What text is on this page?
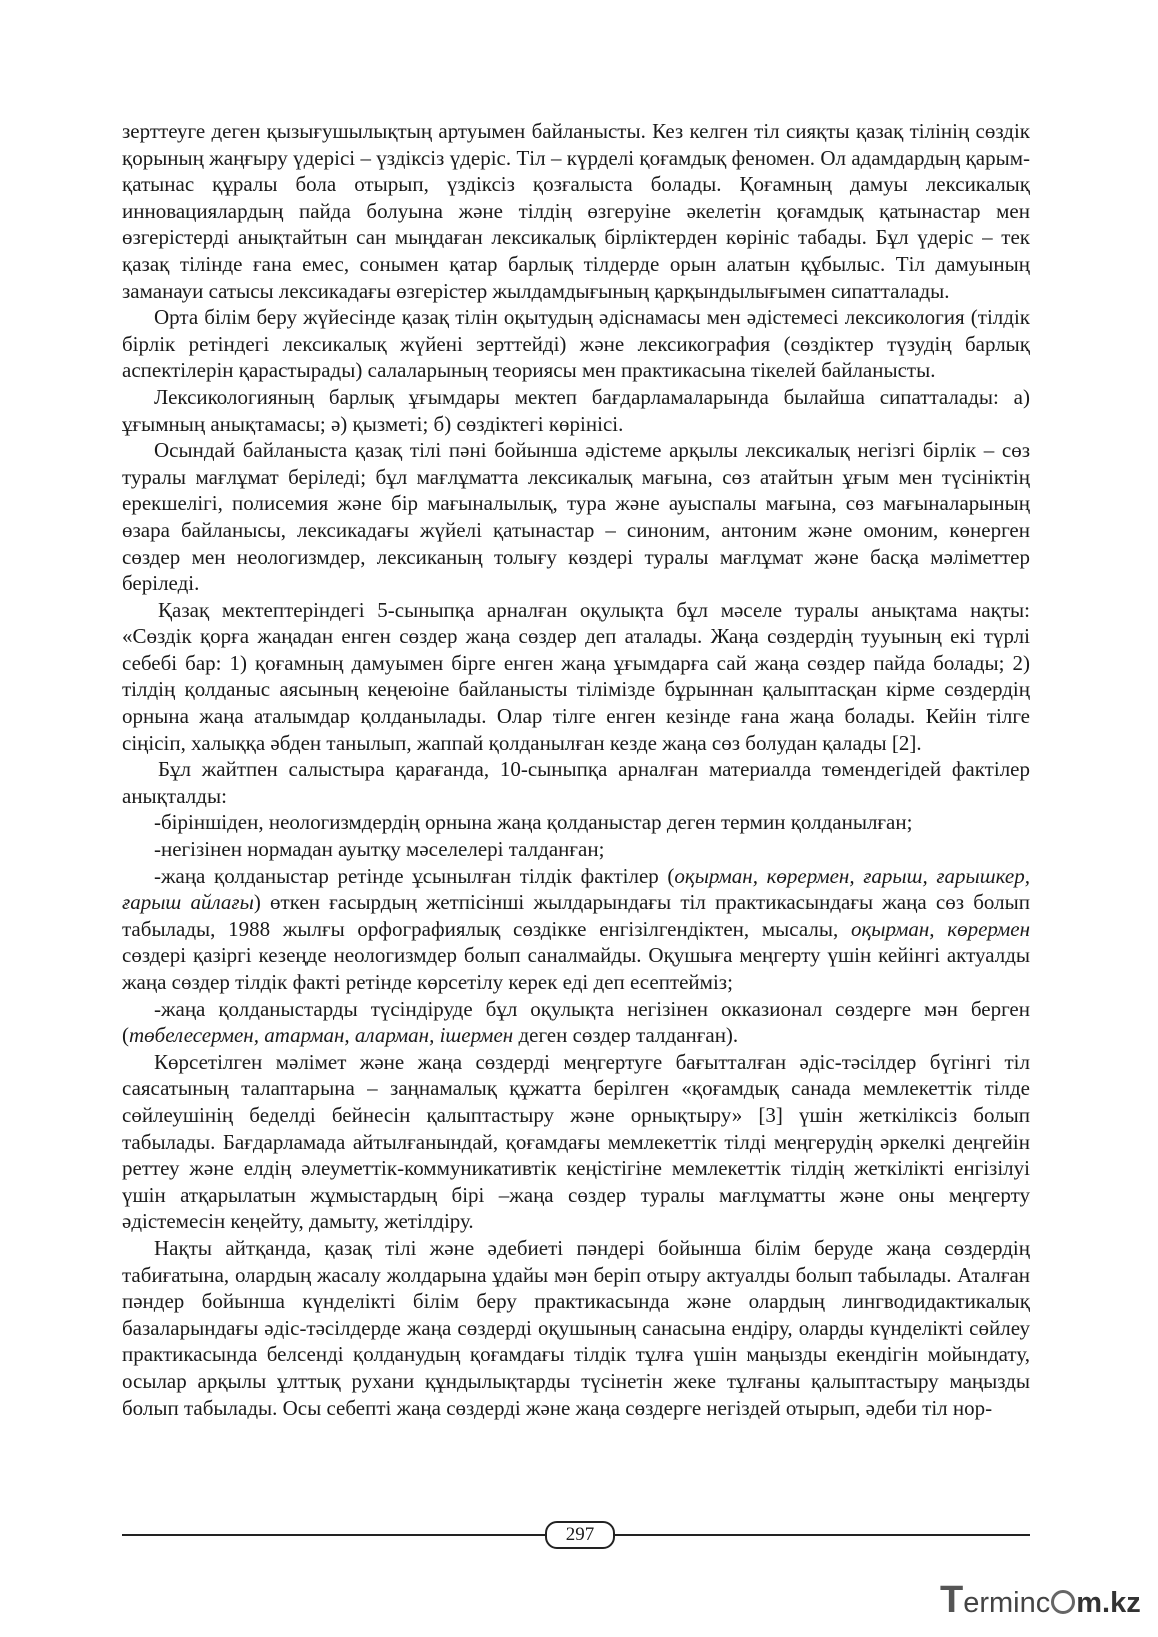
зерттеуге деген қызығушылықтың артуымен байланысты. Кез келген тіл сияқты қазақ тілінің сөздік қорының жаңғыру үдерісі – үздіксіз үдеріс. Тіл – күрделі қоғамдық феномен. Ол адамдардың қарым-қатынас құралы бола отырып, үздіксіз қозғалыста болады. Қоғамның дамуы лексикалық инновациялардың пайда болуына және тілдің өзгеруіне әкелетін қоғамдық қатынастар мен өзгерістерді анықтайтын сан мыңдаған лексикалық бірліктерден көрініс табады. Бұл үдеріс – тек қазақ тілінде ғана емес, сонымен қатар барлық тілдерде орын алатын құбылыс. Тіл дамуының заманауи сатысы лексикадағы өзгерістер жылдамдығының қарқындылығымен сипатталады.

Орта білім беру жүйесінде қазақ тілін оқытудың әдіснамасы мен әдістемесі лексикология (тілдік бірлік ретіндегі лексикалық жүйені зерттейді) және лексикография (сөздіктер түзудің барлық аспектілерін қарастырады) салаларының теориясы мен практикасына тікелей байланысты.

Лексикологияның барлық ұғымдары мектеп бағдарламаларында былайша сипатталады: а) ұғымның анықтамасы; ә) қызметі; б) сөздіктегі көрінісі.

Осындай байланыста қазақ тілі пәні бойынша әдістеме арқылы лексикалық негізгі бірлік – сөз туралы мағлұмат беріледі; бұл мағлұматта лексикалық мағына, сөз атайтын ұғым мен түсініктің ерекшелігі, полисемия және бір мағыналылық, тура және ауыспалы мағына, сөз мағыналарының өзара байланысы, лексикадағы жүйелі қатынастар – синоним, антоним және омоним, көнерген сөздер мен неологизмдер, лексиканың толығу көздері туралы мағлұмат және басқа мәліметтер беріледі.

Қазақ мектептеріндегі 5-сыныпқа арналған оқулықта бұл мәселе туралы анықтама нақты: «Сөздік қорға жаңадан енген сөздер жаңа сөздер деп аталады. Жаңа сөздердің тууының екі түрлі себебі бар: 1) қоғамның дамуымен бірге енген жаңа ұғымдарға сай жаңа сөздер пайда болады; 2) тілдің қолданыс аясының кеңеюіне байланысты тілімізде бұрыннан қалыптасқан кірме сөздердің орнына жаңа аталымдар қолданылады. Олар тілге енген кезінде ғана жаңа болады. Кейін тілге сіңісіп, халыққа әбден танылып, жаппай қолданылған кезде жаңа сөз болудан қалады [2].

Бұл жайтпен салыстыра қарағанда, 10-сыныпқа арналған материалда төмендегідей фактілер анықталды:

-біріншіден, неологизмдердің орнына жаңа қолданыстар деген термин қолданылған;

-негізінен нормадан ауытқу мәселелері талданған;

-жаңа қолданыстар ретінде ұсынылған тілдік фактілер (оқырман, көрермен, ғарыш, ғарышкер, ғарыш айлағы) өткен ғасырдың жетпісінші жылдарындағы тіл практикасындағы жаңа сөз болып табылады, 1988 жылғы орфографиялық сөздікке енгізілгендіктен, мысалы, оқырман, көрермен сөздері қазіргі кезеңде неологизмдер болып саналмайды. Оқушыға меңгерту үшін кейінгі актуалды жаңа сөздер тілдік факті ретінде көрсетілу керек еді деп есептейміз;

-жаңа қолданыстарды түсіндіруде бұл оқулықта негізінен окказионал сөздерге мән берген (төбелесермен, атарман, аларман, ішермен деген сөздер талданған).

Көрсетілген мәлімет және жаңа сөздерді меңгертуге бағытталған әдіс-тәсілдер бүгінгі тіл саясатының талаптарына – заңнамалық құжатта берілген «қоғамдық санада мемлекеттік тілде сөйлеушінің беделді бейнесін қалыптастыру және орнықтыру» [3] үшін жеткіліксіз болып табылады. Бағдарламада айтылғанындай, қоғамдағы мемлекеттік тілді меңгерудің әркелкі деңгейін реттеу және елдің әлеуметтік-коммуникативтік кеңістігіне мемлекеттік тілдің жеткілікті енгізілуі үшін атқарылатын жұмыстардың бірі –жаңа сөздер туралы мағлұматты және оны меңгерту әдістемесін кеңейту, дамыту, жетілдіру.

Нақты айтқанда, қазақ тілі және әдебиеті пәндері бойынша білім беруде жаңа сөздердің табиғатына, олардың жасалу жолдарына ұдайы мән беріп отыру актуалды болып табылады. Аталған пәндер бойынша күнделікті білім беру практикасында және олардың лингводидактикалық базаларындағы әдіс-тәсілдерде жаңа сөздерді оқушының санасына ендіру, оларды күнделікті сөйлеу практикасында белсенді қолданудың қоғамдағы тілдік тұлға үшін маңызды екендігін мойындату, осылар арқылы ұлттық рухани құндылықтарды түсінетін жеке тұлғаны қалыптастыру маңызды болып табылады. Осы себепті жаңа сөздерді және жаңа сөздерге негіздей отырып, әдеби тіл нор-

297
Terminc m.kz
